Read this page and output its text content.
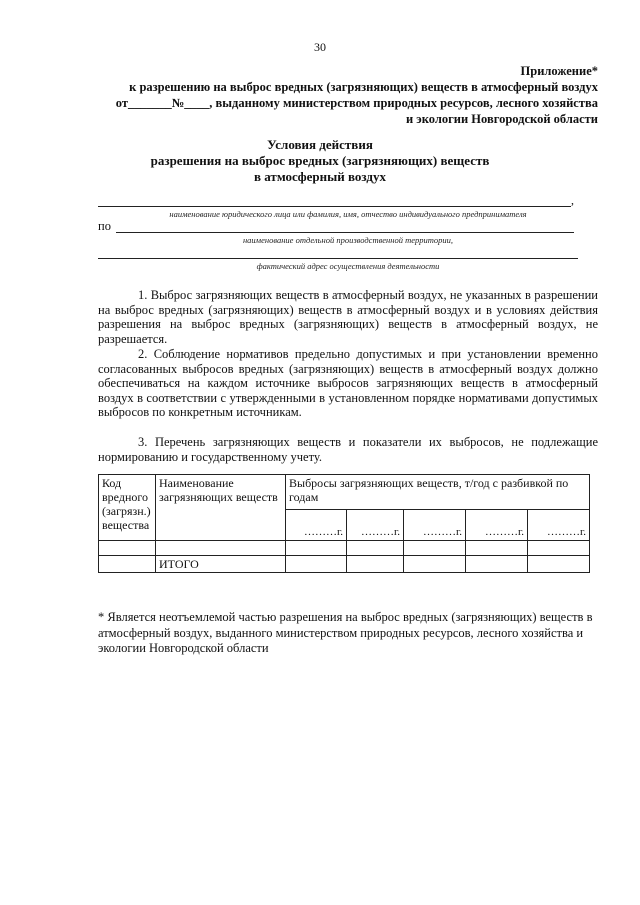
30
Приложение*
к разрешению на выброс вредных (загрязняющих) веществ в атмосферный воздух
от_______№____, выданному министерством природных ресурсов, лесного хозяйства
и экологии Новгородской области
Условия действия
разрешения на выброс вредных (загрязняющих) веществ
в атмосферный воздух
,
наименование юридического лица или фамилия, имя, отчество индивидуального предпринимателя
по
наименование отдельной производственной территории,
фактический адрес осуществления деятельности
1. Выброс загрязняющих веществ в атмосферный воздух, не указанных в разрешении на выброс вредных (загрязняющих) веществ в атмосферный воздух и в условиях действия разрешения на выброс вредных (загрязняющих) веществ в атмосферный воздух, не разрешается.
2. Соблюдение нормативов предельно допустимых и при установлении временно согласованных выбросов вредных (загрязняющих) веществ в атмосферный воздух должно обеспечиваться на каждом источнике выбросов загрязняющих веществ в атмосферный воздух в соответствии с утвержденными в установленном порядке нормативами допустимых выбросов по конкретным источникам.
3. Перечень загрязняющих веществ и показатели их выбросов, не подлежащие нормированию и государственному учету.
Код вредного (загрязн.) вещества	Наименование загрязняющих веществ	Выбросы загрязняющих веществ, т/год с разбивкой по годам				
		………г.	………г.	………г.	………г.	………г.

	ИТОГО					
* Является неотъемлемой частью разрешения на выброс вредных (загрязняющих) веществ в атмосферный воздух, выданного министерством природных ресурсов, лесного хозяйства и экологии Новгородской области
